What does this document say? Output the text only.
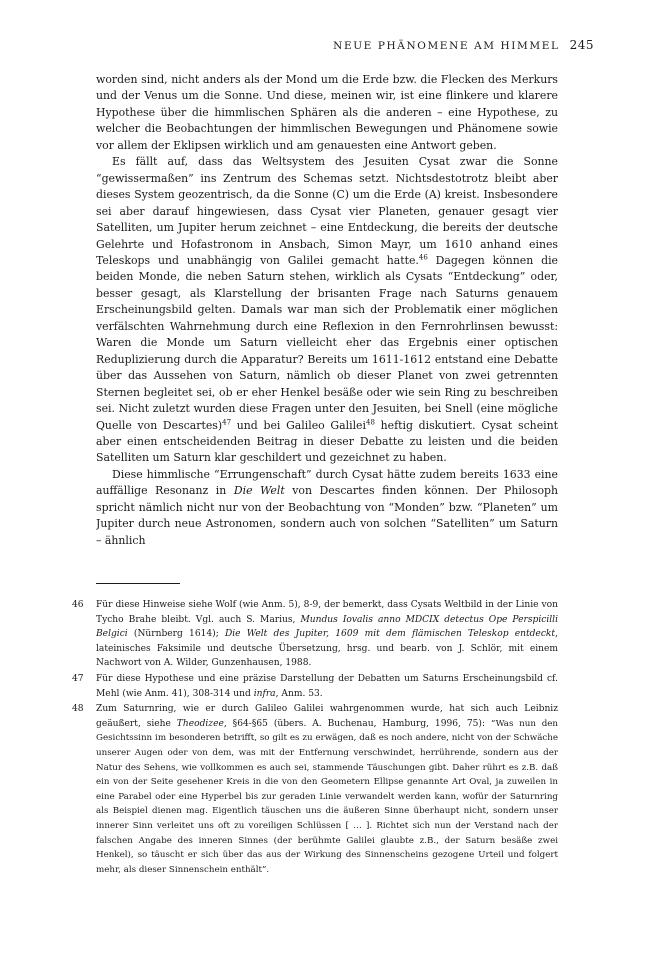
NEUE PHÄNOMENE AM HIMMEL 245

worden sind, nicht anders als der Mond um die Erde bzw. die Flecken des Merkurs und der Venus um die Sonne. Und diese, meinen wir, ist eine flinkere und klarere Hypothese über die himmlischen Sphären als die anderen – eine Hypothese, zu welcher die Beobachtungen der himmlischen Bewegungen und Phänomene sowie vor allem der Eklipsen wirklich und am genauesten eine Antwort geben.

Es fällt auf, dass das Weltsystem des Jesuiten Cysat zwar die Sonne “gewissermaßen” ins Zentrum des Schemas setzt. Nichtsdestotrotz bleibt aber dieses System geozentrisch, da die Sonne (C) um die Erde (A) kreist. Insbesondere sei aber darauf hingewiesen, dass Cysat vier Planeten, genauer gesagt vier Satelliten, um Jupiter herum zeichnet – eine Entdeckung, die bereits der deutsche Gelehrte und Hofastronom in Ansbach, Simon Mayr, um 1610 anhand eines Teleskops und unabhängig von Galilei gemacht hatte.$^{46}$ Dagegen können die beiden Monde, die neben Saturn stehen, wirklich als Cysats “Entdeckung” oder, besser gesagt, als Klarstellung der brisanten Frage nach Saturns genauem Erscheinungsbild gelten. Damals war man sich der Problematik einer möglichen verfälschten Wahrnehmung durch eine Reflexion in den Fernrohrlinsen bewusst: Waren die Monde um Saturn vielleicht eher das Ergebnis einer optischen Reduplizierung durch die Apparatur? Bereits um 1611-1612 entstand eine Debatte über das Aussehen von Saturn, nämlich ob dieser Planet von zwei getrennten Sternen begleitet sei, ob er eher Henkel besäße oder wie sein Ring zu beschreiben sei. Nicht zuletzt wurden diese Fragen unter den Jesuiten, bei Snell (eine mögliche Quelle von Descartes)$^{47}$ und bei Galileo Galilei$^{48}$ heftig diskutiert. Cysat scheint aber einen entscheidenden Beitrag in dieser Debatte zu leisten und die beiden Satelliten um Saturn klar geschildert und gezeichnet zu haben.

Diese himmlische “Errungenschaft” durch Cysat hätte zudem bereits 1633 eine auffällige Resonanz in Die Welt von Descartes finden können. Der Philosoph spricht nämlich nicht nur von der Beobachtung von “Monden” bzw. “Planeten” um Jupiter durch neue Astronomen, sondern auch von solchen “Satelliten” um Saturn – ähnlich

46 Für diese Hinweise siehe Wolf (wie Anm. 5), 8-9, der bemerkt, dass Cysats Weltbild in der Linie von Tycho Brahe bleibt. Vgl. auch S. Marius, Mundus Iovalis anno MDCIX detectus Ope Perspicilli Belgici (Nürnberg 1614); Die Welt des Jupiter, 1609 mit dem flämischen Teleskop entdeckt, lateinisches Faksimile und deutsche Übersetzung, hrsg. und bearb. von J. Schlör, mit einem Nachwort von A. Wilder, Gunzenhausen, 1988.
47 Für diese Hypothese und eine präzise Darstellung der Debatten um Saturns Erscheinungsbild cf. Mehl (wie Anm. 41), 308-314 und infra, Anm. 53.
48 Zum Saturnring, wie er durch Galileo Galilei wahrgenommen wurde, hat sich auch Leibniz geäußert, siehe Theodizee, §64-§65 (übers. A. Buchenau, Hamburg, 1996, 75): “Was nun den Gesichtssinn im besonderen betrifft, so gilt es zu erwägen, daß es noch andere, nicht von der Schwäche unserer Augen oder von dem, was mit der Entfernung verschwindet, herrührende, sondern aus der Natur des Sehens, wie vollkommen es auch sei, stammende Täuschungen gibt. Daher rührt es z.B. daß ein von der Seite gesehener Kreis in die von den Geometern Ellipse genannte Art Oval, ja zuweilen in eine Parabel oder eine Hyperbel bis zur geraden Linie verwandelt werden kann, wofür der Saturnring als Beispiel dienen mag. Eigentlich täuschen uns die äußeren Sinne überhaupt nicht, sondern unser innerer Sinn verleitet uns oft zu voreiligen Schlüssen [ … ]. Richtet sich nun der Verstand nach der falschen Angabe des inneren Sinnes (der berühmte Galilei glaubte z.B., der Saturn besäße zwei Henkel), so täuscht er sich über das aus der Wirkung des Sinnenscheins gezogene Urteil und folgert mehr, als dieser Sinnenschein enthält”.
